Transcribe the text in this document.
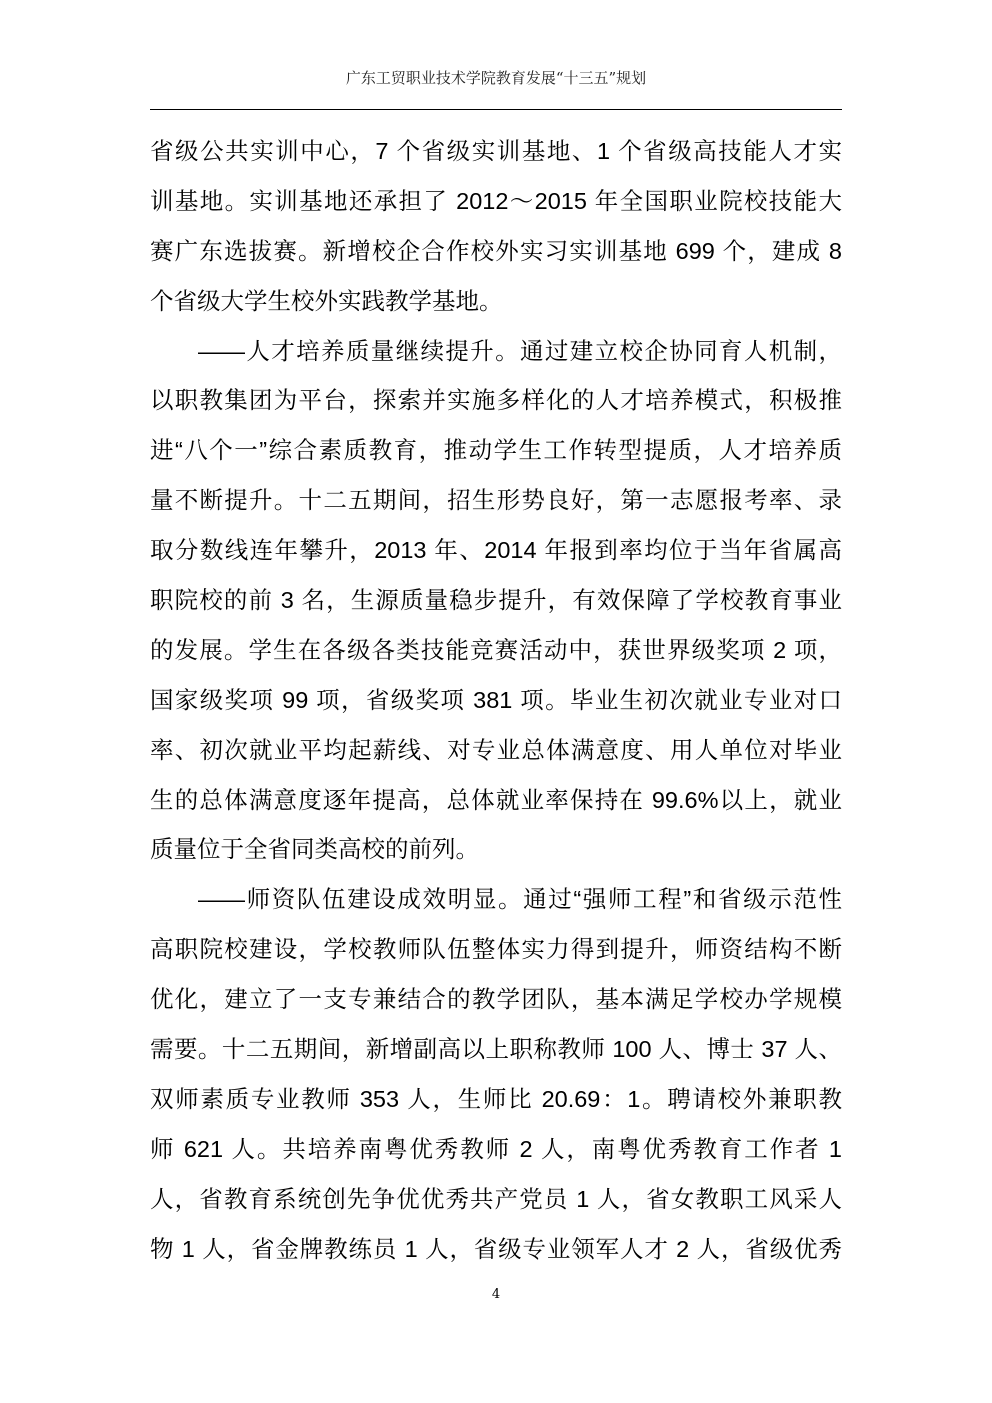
广东工贸职业技术学院教育发展“十三五”规划
省级公共实训中心，7 个省级实训基地、1 个省级高技能人才实
训基地。实训基地还承担了 2012～2015 年全国职业院校技能大
赛广东选拔赛。新增校企合作校外实习实训基地 699 个，建成 8
个省级大学生校外实践教学基地。
——人才培养质量继续提升。通过建立校企协同育人机制，
以职教集团为平台，探索并实施多样化的人才培养模式，积极推
进“八个一”综合素质教育，推动学生工作转型提质，人才培养质
量不断提升。十二五期间，招生形势良好，第一志愿报考率、录
取分数线连年攀升，2013 年、2014 年报到率均位于当年省属高
职院校的前 3 名，生源质量稳步提升，有效保障了学校教育事业
的发展。学生在各级各类技能竞赛活动中，获世界级奖项 2 项，
国家级奖项 99 项，省级奖项 381 项。毕业生初次就业专业对口
率、初次就业平均起薪线、对专业总体满意度、用人单位对毕业
生的总体满意度逐年提高，总体就业率保持在 99.6%以上，就业
质量位于全省同类高校的前列。
——师资队伍建设成效明显。通过“强师工程”和省级示范性
高职院校建设，学校教师队伍整体实力得到提升，师资结构不断
优化，建立了一支专兼结合的教学团队，基本满足学校办学规模
需要。十二五期间，新增副高以上职称教师 100 人、博士 37 人、
双师素质专业教师 353 人，生师比 20.69：1。聘请校外兼职教
师 621 人。共培养南粤优秀教师 2 人，南粤优秀教育工作者 1
人，省教育系统创先争优优秀共产党员 1 人，省女教职工风采人
物 1 人，省金牌教练员 1 人，省级专业领军人才 2 人，省级优秀
4
